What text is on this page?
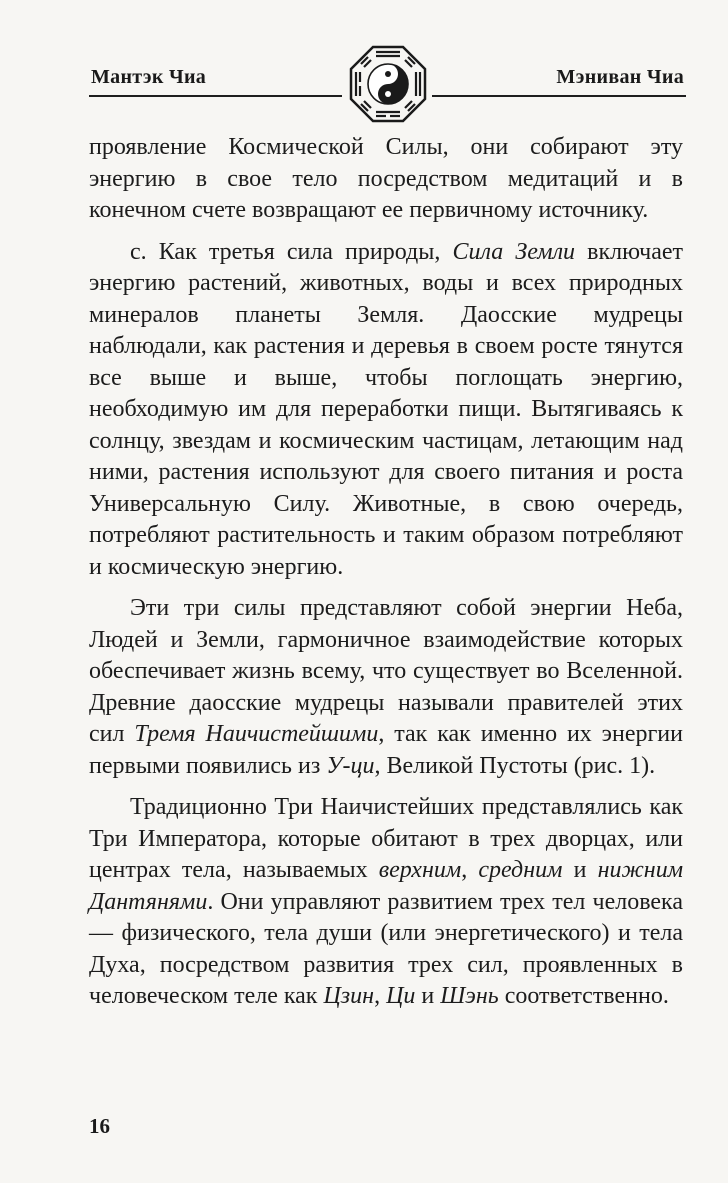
Мантэк Чиа	Мэниван Чиа

проявление Космической Силы, они собирают эту энергию в свое тело посредством медитаций и в конечном счете возвращают ее первичному источнику.

с. Как третья сила природы, Сила Земли включает энергию растений, животных, воды и всех природных минералов планеты Земля. Даосские мудрецы наблюдали, как растения и деревья в своем росте тянутся все выше и выше, чтобы поглощать энергию, необходимую им для переработки пищи. Вытягиваясь к солнцу, звездам и космическим частицам, летающим над ними, растения используют для своего питания и роста Универсальную Силу. Животные, в свою очередь, потребляют растительность и таким образом потребляют и космическую энергию.

Эти три силы представляют собой энергии Неба, Людей и Земли, гармоничное взаимодействие которых обеспечивает жизнь всему, что существует во Вселенной. Древние даосские мудрецы называли правителей этих сил Тремя Наичистейшими, так как именно их энергии первыми появились из У-ци, Великой Пустоты (рис. 1).

Традиционно Три Наичистейших представлялись как Три Императора, которые обитают в трех дворцах, или центрах тела, называемых верхним, средним и нижним Дантянями. Они управляют развитием трех тел человека — физического, тела души (или энергетического) и тела Духа, посредством развития трех сил, проявленных в человеческом теле как Цзин, Ци и Шэнь соответственно.

16
